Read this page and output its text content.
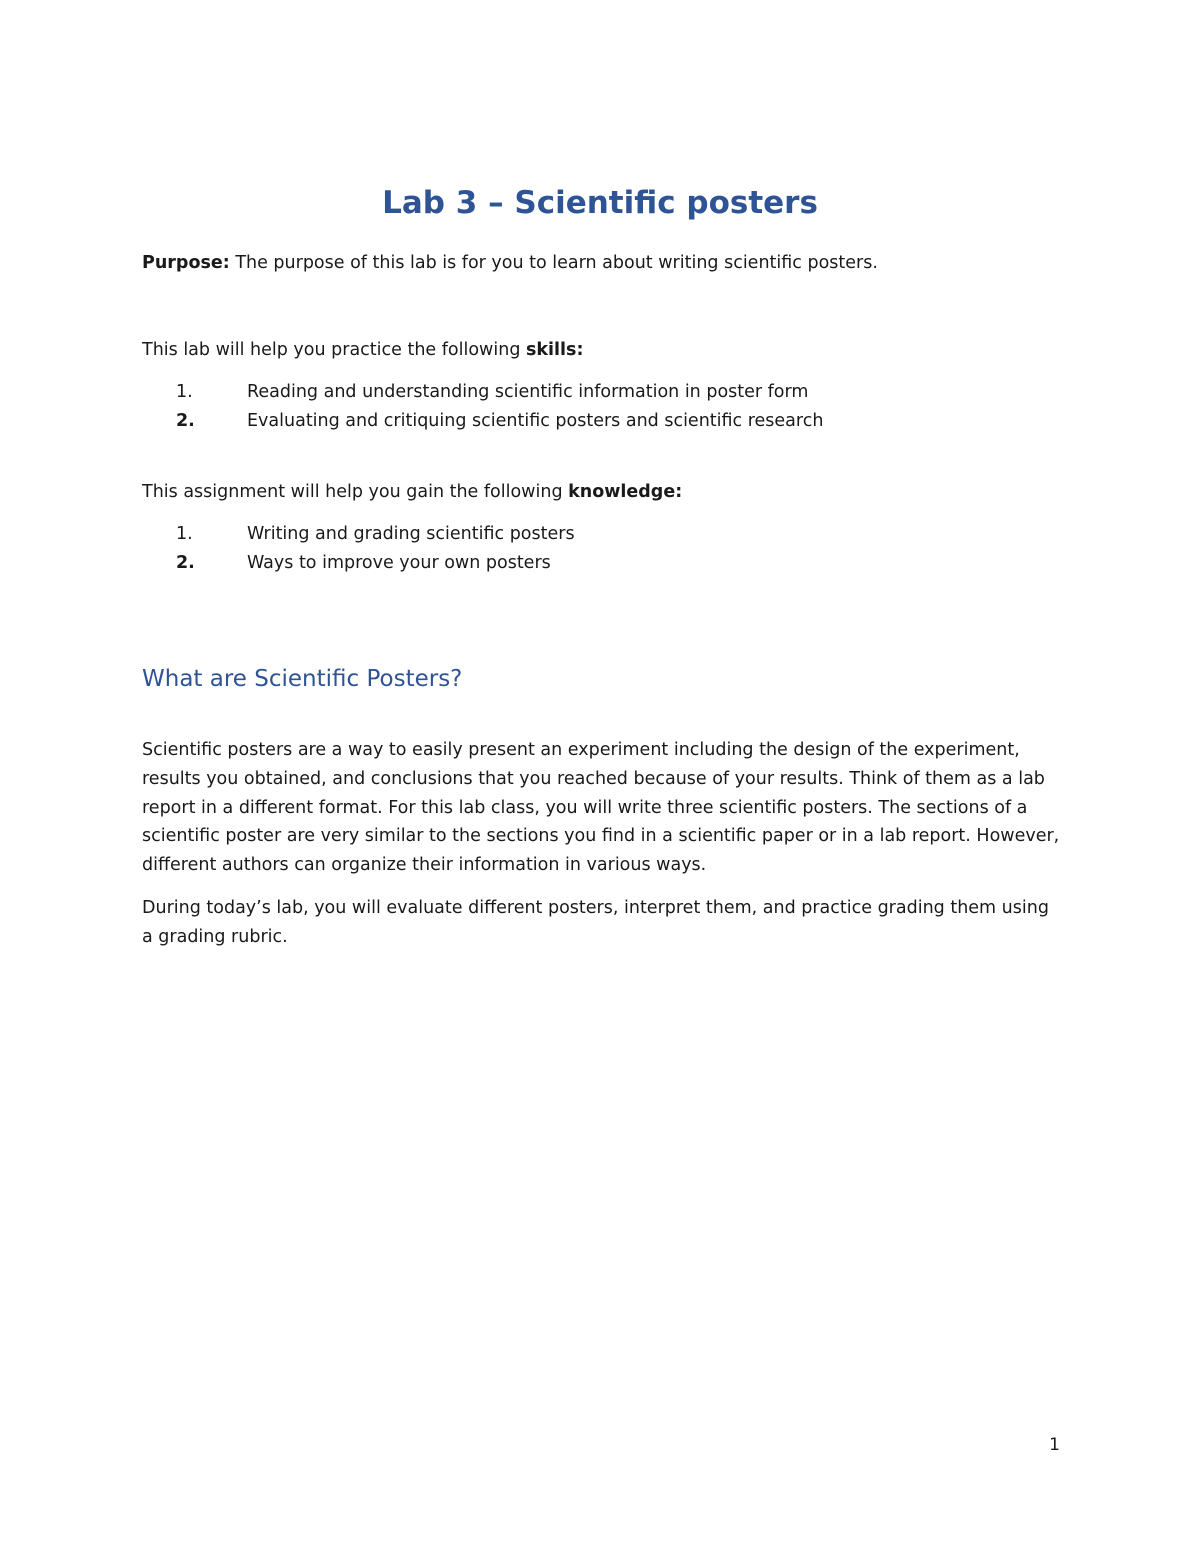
Lab 3 – Scientific posters

Purpose: The purpose of this lab is for you to learn about writing scientific posters.

This lab will help you practice the following skills:

1.	Reading and understanding scientific information in poster form
2.	Evaluating and critiquing scientific posters and scientific research

This assignment will help you gain the following knowledge:

1.	Writing and grading scientific posters
2.	Ways to improve your own posters
What are Scientific Posters?

Scientific posters are a way to easily present an experiment including the design of the experiment, results you obtained, and conclusions that you reached because of your results. Think of them as a lab report in a different format. For this lab class, you will write three scientific posters. The sections of a scientific poster are very similar to the sections you find in a scientific paper or in a lab report. However, different authors can organize their information in various ways.

During today’s lab, you will evaluate different posters, interpret them, and practice grading them using a grading rubric.

1
